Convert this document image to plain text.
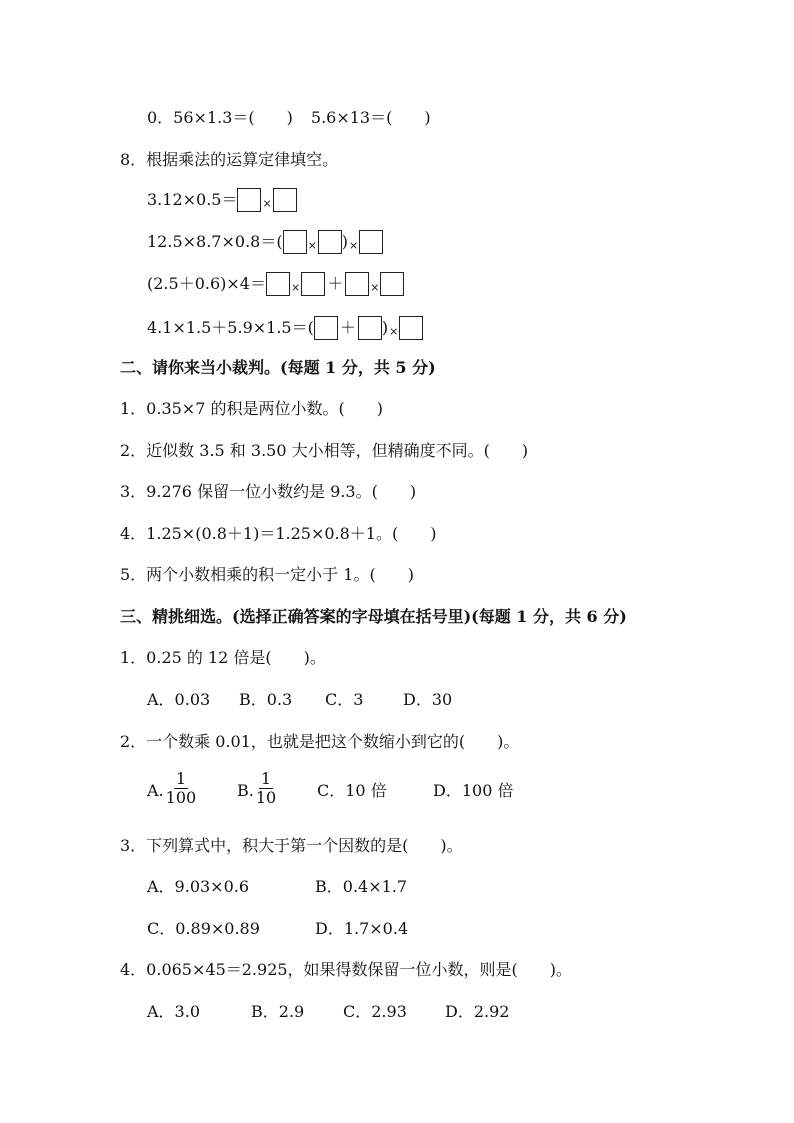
0．56×1.3＝(　　) 5.6×13＝(　　)
8．根据乘法的运算定律填空。
3.12×0.5＝ ×
12.5×8.7×0.8＝( × ) ×
(2.5＋0.6)×4＝ × ＋ ×
4.1×1.5＋5.9×1.5＝( ＋ ) ×
二、请你来当小裁判。(每题 1 分，共 5 分)
1．0.35×7 的积是两位小数。(　　)
2．近似数 3.5 和 3.50 大小相等，但精确度不同。(　　)
3．9.276 保留一位小数约是 9.3。(　　)
4．1.25×(0.8＋1)＝1.25×0.8＋1。(　　)
5．两个小数相乘的积一定小于 1。(　　)
三、精挑细选。(选择正确答案的字母填在括号里)(每题 1 分，共 6 分)
1．0.25 的 12 倍是(　　)。
A．0.03	B．0.3	C．3	D．30
2．一个数乘 0.01，也就是把这个数缩小到它的(　　)。
A. $\frac{1}{100} B$. $\frac{1}{10}$ C．10 倍	D．100 倍
3．下列算式中，积大于第一个因数的是(　　)。
A．9.03×0.6	B．0.4×1.7
C．0.89×0.89	D．1.7×0.4
4．0.065×45＝2.925，如果得数保留一位小数，则是(　　)。
A．3.0	B．2.9	C．2.93	D．2.92
